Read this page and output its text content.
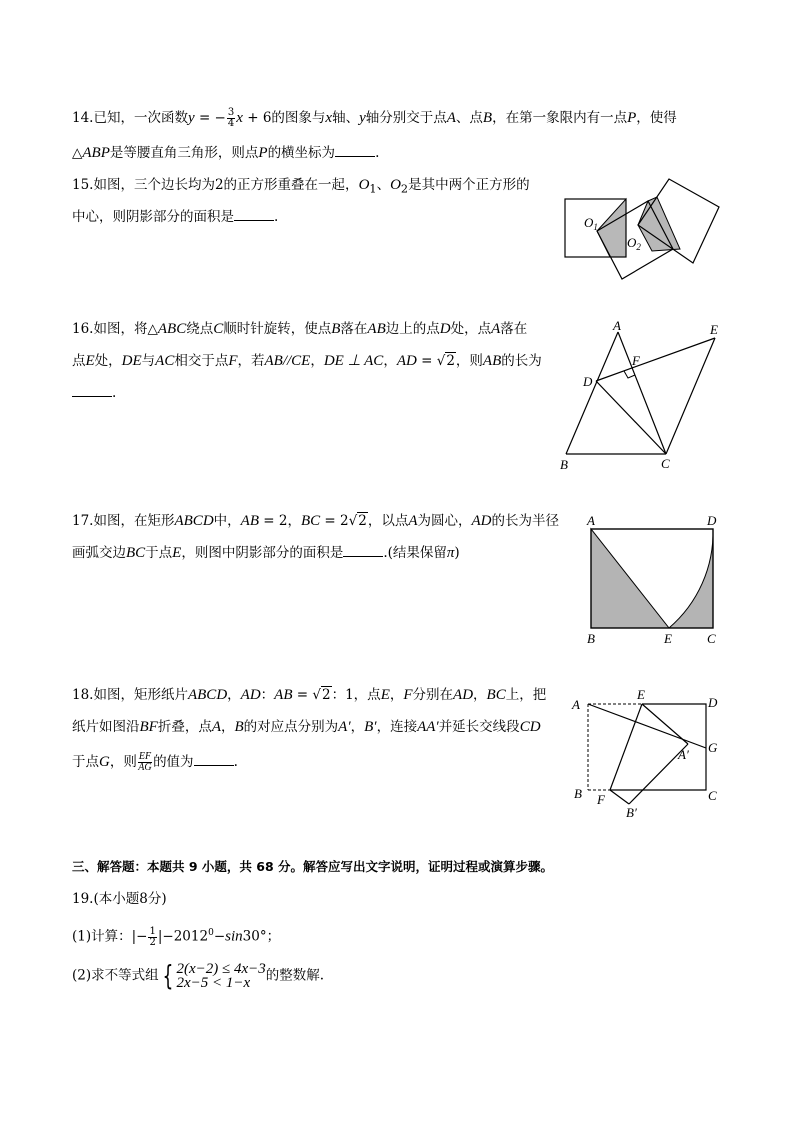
14.已知，一次函数y = − $\frac{3}{4}$ x + 6的图象与x轴、y轴分别交于点A、点B，在第一象限内有一点P，使得
△ABP是等腰直角三角形，则点P的横坐标为	.
15.如图，三个边长均为2的正方形重叠在一起，$O_1$、$O_2$是其中两个正方形的
中心，则阴影部分的面积是	.	$O_1$
$O_2$
16.如图，将△ABC绕点C顺时针旋转，使点B落在AB边上的点D处，点A落在
点E处，DE与AC相交于点F，若AB//CE，DE ⊥ AC，AD = √2，则AB的长为
.
A	E
F
D
B	C
17.如图，在矩形ABCD中，AB = 2，BC = 2√2，以点A为圆心，AD的长为半径
画弧交边BC于点E，则图中阴影部分的面积是	.(结果保留π)
A	D
B	E	C
18.如图，矩形纸片ABCD，AD：AB = √2：1，点E，F分别在AD，BC上，把
纸片如图沿BF折叠，点A，B的对应点分别为A′，B′，连接AA′并延长交线段CD
于点G，则 $\frac{EF}{AG}$ 的值为	.
A
E
D
G
A′
B F	C
B′
三、解答题：本题共 9 小题，共 68 分。解答应写出文字说明，证明过程或演算步骤。
19.(本小题8分)
(1)计算：|− $\frac{1}{2} |-2012^0-\sin 30^\circ$；
(2)求不等式组 { 2(x−2) ≤ 4x−3
2x−5 < 1−x	的整数解.
